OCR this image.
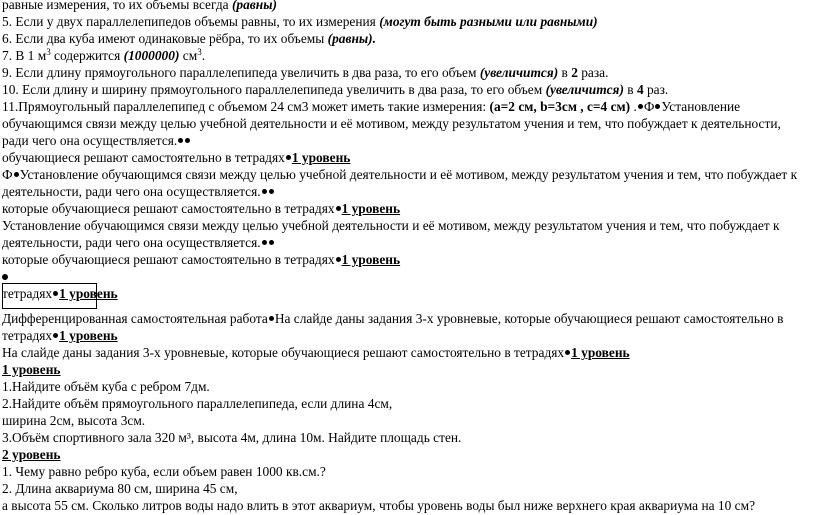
равные измерения, то их объемы всегда (равны)
5. Если у двух параллелепипедов объемы равны, то их измерения (могут быть разными или равными)
6. Если два куба имеют одинаковые рёбра, то их объемы (равны).
7. В 1 $м^3$ содержится (1000000) $см^3$.
9. Если длину прямоугольного параллелепипеда увеличить в два раза, то его объем (увеличится) в 2 раза.
10. Если длину и ширину прямоугольного параллелепипеда увеличить в два раза, то его объем (увеличится) в 4 раз.
11.Прямоугольный параллелепипед с объемом 24 см3 может иметь такие измерения: (a=2 см, b=3см , c=4 см) . Ф Установление
обучающимся связи между целью учебной деятельности и её мотивом, между результатом учения и тем, что побуждает к деятельности,
ради чего она осуществляется.
обучающиеся решают самостоятельно в тетрадях 1 уровень
Ф Установление обучающимся связи между целью учебной деятельности и её мотивом, между результатом учения и тем, что побуждает к
деятельности, ради чего она осуществляется.
которые обучающиеся решают самостоятельно в тетрадях 1 уровень
Установление обучающимся связи между целью учебной деятельности и её мотивом, между результатом учения и тем, что побуждает к
деятельности, ради чего она осуществляется.
которые обучающиеся решают самостоятельно в тетрадях 1 уровень
тетрадях 1 уровень
Дифференцированная самостоятельная работа На слайде даны задания 3-х уровневые, которые обучающиеся решают самостоятельно в
тетрадях 1 уровень
На слайде даны задания 3-х уровневые, которые обучающиеся решают самостоятельно в тетрадях 1 уровень
1 уровень
1.Найдите объём куба с ребром 7дм.
2.Найдите объём прямоугольного параллелепипеда, если длина 4см,
ширина 2см, высота 3см.
3.Объём спортивного зала 320 м³, высота 4м, длина 10м. Найдите площадь стен.
2 уровень
1. Чему равно ребро куба, если объем равен 1000 кв.см.?
2. Длина аквариума 80 см, ширина 45 см,
а высота 55 см. Сколько литров воды надо влить в этот аквариум, чтобы уровень воды был ниже верхнего края аквариума на 10 см?
